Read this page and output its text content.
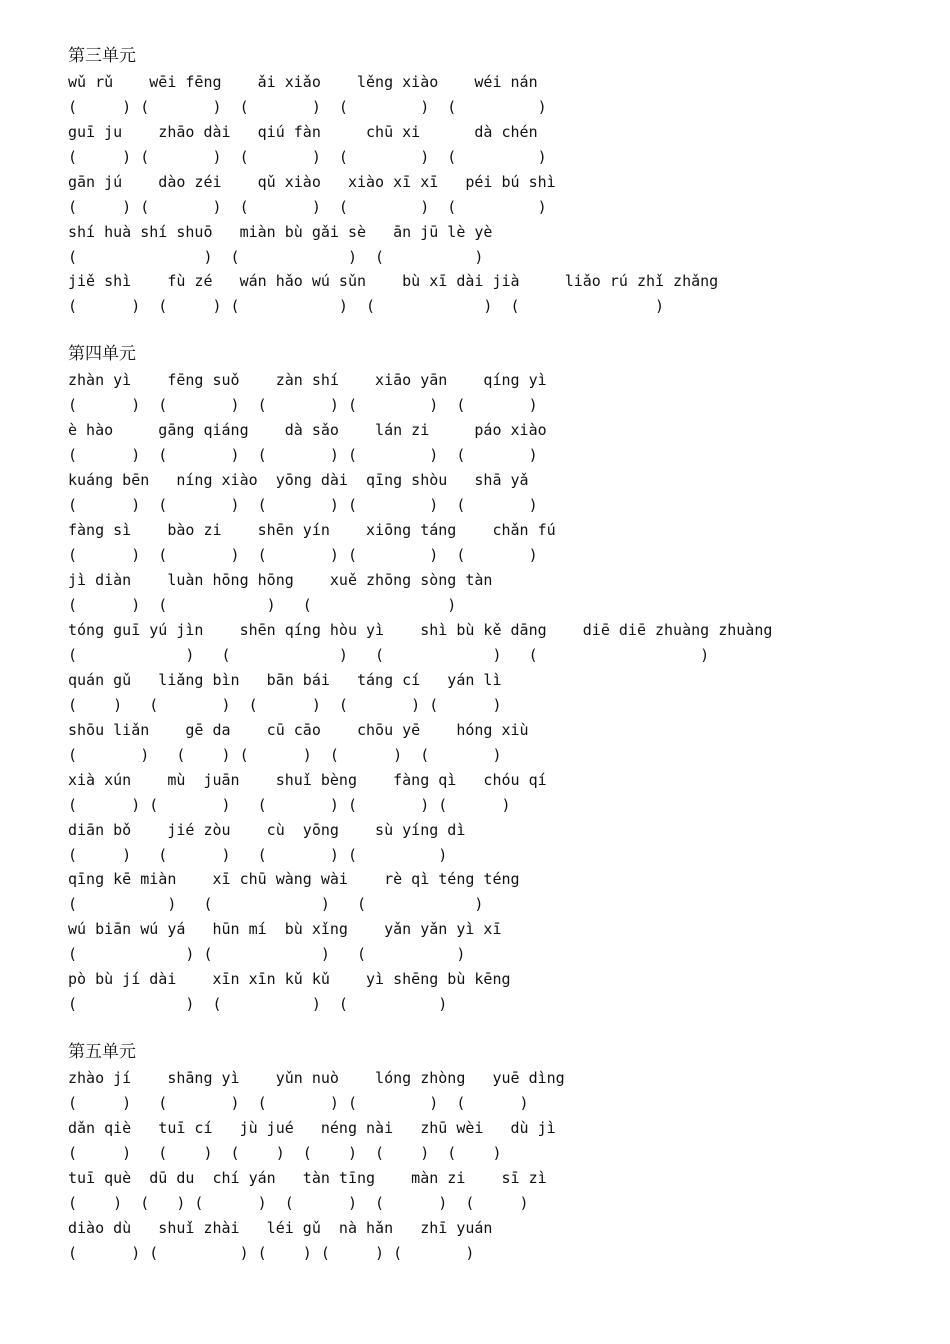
第三单元
wǔ rǔ    wēi fēng    ǎi xiǎo    lěng xiào    wéi nán
(     ) (       )  (       )  (        )  (         )
guī ju    zhāo dài   qiú fàn     chū xi      dà chén
(     ) (       )  (       )  (        )  (         )
gān jú    dào zéi    qǔ xiào   xiào xī xī   péi bú shì
(     ) (       )  (       )  (        )  (         )
shí huà shí shuō   miàn bù gǎi sè   ān jū lè yè
(              )  (            )  (          )
jiě shì    fù zé   wán hǎo wú sǔn    bù xī dài jià     liǎo rú zhǐ zhǎng
(      )  (     ) (           )  (            )  (               )
第四单元
zhàn yì    fēng suǒ    zàn shí    xiāo yān    qíng yì
(      )  (       )  (       ) (        )  (       )
è hào     gāng qiáng    dà sǎo    lán zi     páo xiào
(      )  (       )  (       ) (        )  (       )
kuáng bēn   níng xiào  yōng dài  qīng shòu   shā yǎ
(      )  (       )  (       ) (        )  (       )
fàng sì    bào zi    shēn yín    xiōng táng    chǎn fú
(      )  (       )  (       ) (        )  (       )
jì diàn    luàn hōng hōng    xuě zhōng sòng tàn
(      )  (           )   (               )
tóng guī yú jìn    shēn qíng hòu yì    shì bù kě dāng    diē diē zhuàng zhuàng
(            )   (            )   (            )   (                  )
quán gǔ   liǎng bìn   bān bái   táng cí   yán lì
(    )   (       )  (      )  (       ) (      )
shōu liǎn    gē da    cū cāo    chōu yē    hóng xiù
(       )   (    ) (      )  (      )  (       )
xià xún    mù  juān    shuǐ bèng    fàng qì   chóu qí
(      ) (       )   (       ) (       ) (      )
diān bǒ    jié zòu    cù  yōng    sù yíng dì
(     )   (      )   (       ) (         )
qīng kē miàn    xī chū wàng wài    rè qì téng téng
(          )   (            )   (            )
wú biān wú yá   hūn mí  bù xǐng    yǎn yǎn yì xī
(            ) (            )   (          )
pò bù jí dài    xīn xīn kǔ kǔ    yì shēng bù kēng
(            )  (          )  (          )
第五单元
zhào jí    shāng yì    yǔn nuò    lóng zhòng   yuē dìng
(     )   (       )  (       ) (        )  (      )
dǎn qiè   tuī cí   jù jué   néng nài   zhū wèi   dù jì
(     )   (    )  (    )  (    )  (    )  (    )
tuī què  dū du  chí yán   tàn tīng    màn zi    sī zì
(    )  (   ) (      )  (      )  (      )  (     )
diào dù   shuǐ zhài   léi gǔ  nà hǎn   zhī yuán
(      ) (         ) (    ) (     ) (       )
